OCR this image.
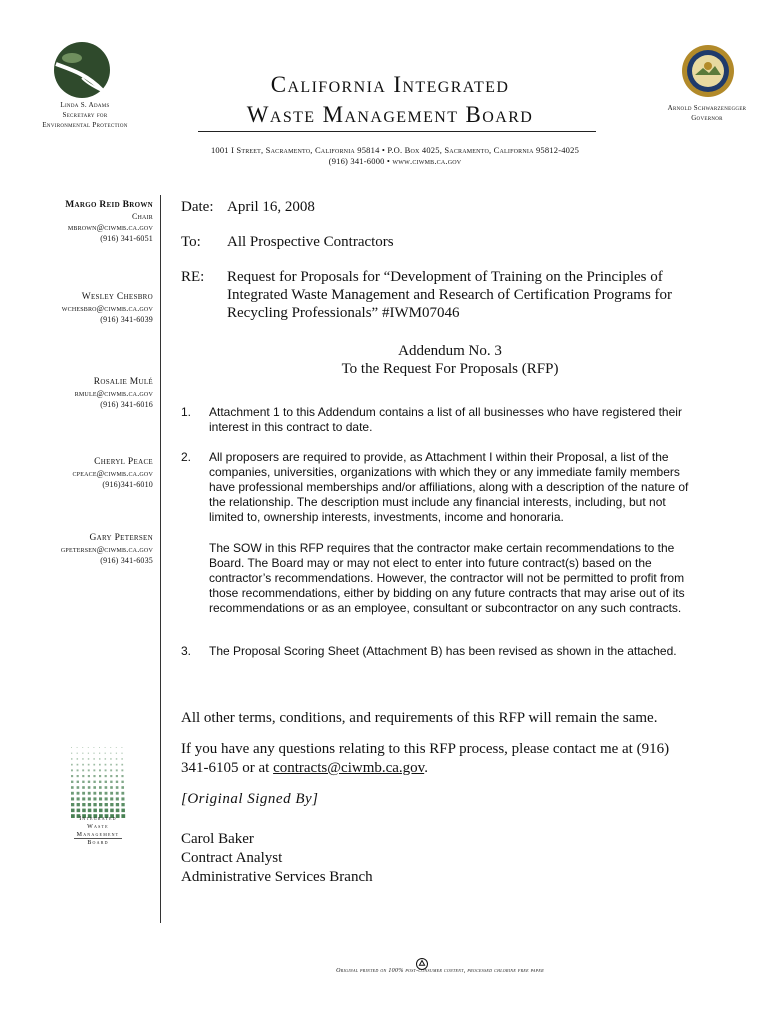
Linda S. Adams
Secretary for
Environmental Protection
California Integrated
Waste Management Board	Arnold Schwarzenegger
Governor
1001 I Street, Sacramento, California 95814 • P.O. Box 4025, Sacramento, California 95812-4025
(916) 341-6000 • www.ciwmb.ca.gov
Margo Reid Brown
Chair
mbrown@ciwmb.ca.gov
(916) 341-6051
Wesley Chesbro
wchesbro@ciwmb.ca.gov
(916) 341-6039
Rosalie Mulé
rmule@ciwmb.ca.gov
(916) 341-6016
Cheryl Peace
cpeace@ciwmb.ca.gov
(916)341-6010
Gary Petersen
gpetersen@ciwmb.ca.gov
(916) 341-6035
Integrated
Waste
Management
Board
Date: April 16, 2008
To: All Prospective Contractors
RE: Request for Proposals for “Development of Training on the Principles of Integrated Waste Management and Research of Certification Programs for Recycling Professionals” #IWM07046
Addendum No. 3
To the Request For Proposals (RFP)
1. Attachment 1 to this Addendum contains a list of all businesses who have registered their interest in this contract to date.
2. All proposers are required to provide, as Attachment I within their Proposal, a list of the companies, universities, organizations with which they or any immediate family members have professional memberships and/or affiliations, along with a description of the nature of the relationship. The description must include any financial interests, including, but not limited to, ownership interests, investments, income and honoraria.
The SOW in this RFP requires that the contractor make certain recommendations to the Board. The Board may or may not elect to enter into future contract(s) based on the contractor’s recommendations. However, the contractor will not be permitted to profit from those recommendations, either by bidding on any future contracts that may arise out of its recommendations or as an employee, consultant or subcontractor on any such contracts.
3. The Proposal Scoring Sheet (Attachment B) has been revised as shown in the attached.
All other terms, conditions, and requirements of this RFP will remain the same.
If you have any questions relating to this RFP process, please contact me at (916) 341-6105 or at contracts@ciwmb.ca.gov.
[Original Signed By]
Carol Baker
Contract Analyst
Administrative Services Branch
Original printed on 100% post-consumer content, processed chlorine free paper
